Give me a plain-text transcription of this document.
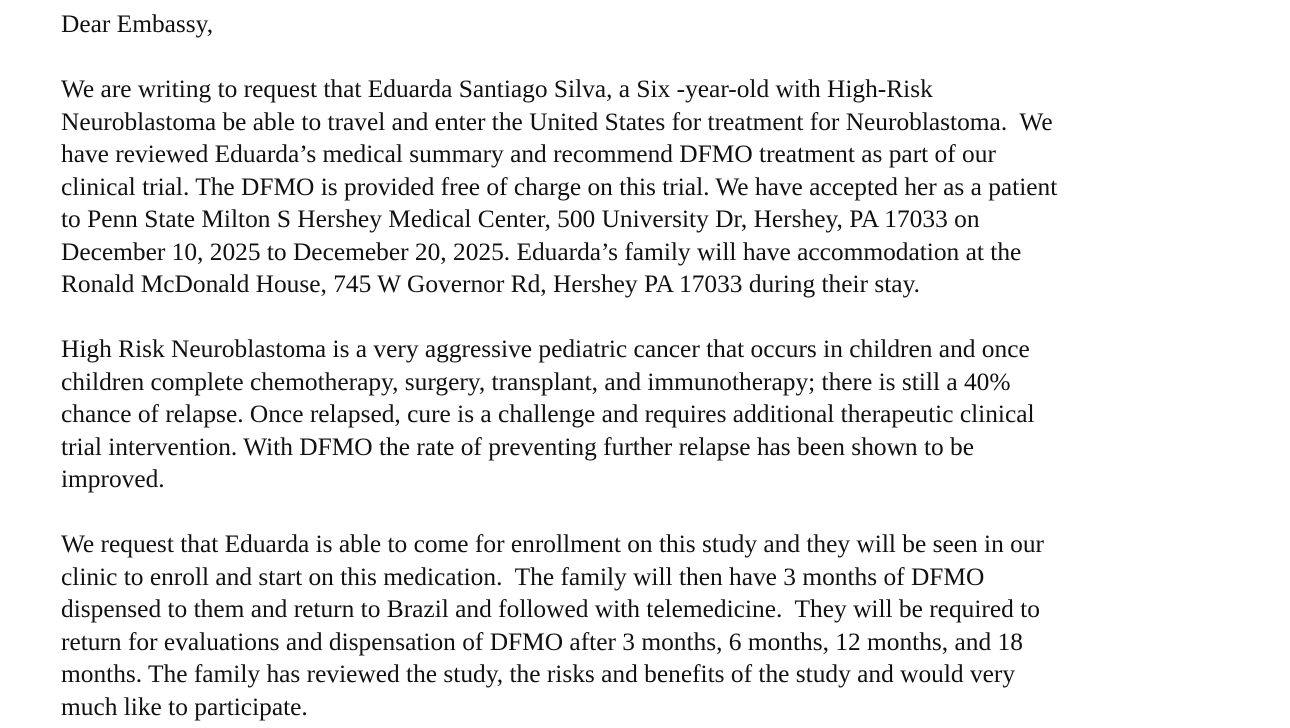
Dear Embassy,

We are writing to request that Eduarda Santiago Silva, a Six -year-old with High-Risk
Neuroblastoma be able to travel and enter the United States for treatment for Neuroblastoma.  We
have reviewed Eduarda’s medical summary and recommend DFMO treatment as part of our
clinical trial. The DFMO is provided free of charge on this trial. We have accepted her as a patient
to Penn State Milton S Hershey Medical Center, 500 University Dr, Hershey, PA 17033 on
December 10, 2025 to Decemeber 20, 2025. Eduarda’s family will have accommodation at the
Ronald McDonald House, 745 W Governor Rd, Hershey PA 17033 during their stay.

High Risk Neuroblastoma is a very aggressive pediatric cancer that occurs in children and once
children complete chemotherapy, surgery, transplant, and immunotherapy; there is still a 40%
chance of relapse. Once relapsed, cure is a challenge and requires additional therapeutic clinical
trial intervention. With DFMO the rate of preventing further relapse has been shown to be
improved.

We request that Eduarda is able to come for enrollment on this study and they will be seen in our
clinic to enroll and start on this medication.  The family will then have 3 months of DFMO
dispensed to them and return to Brazil and followed with telemedicine.  They will be required to
return for evaluations and dispensation of DFMO after 3 months, 6 months, 12 months, and 18
months. The family has reviewed the study, the risks and benefits of the study and would very
much like to participate.
